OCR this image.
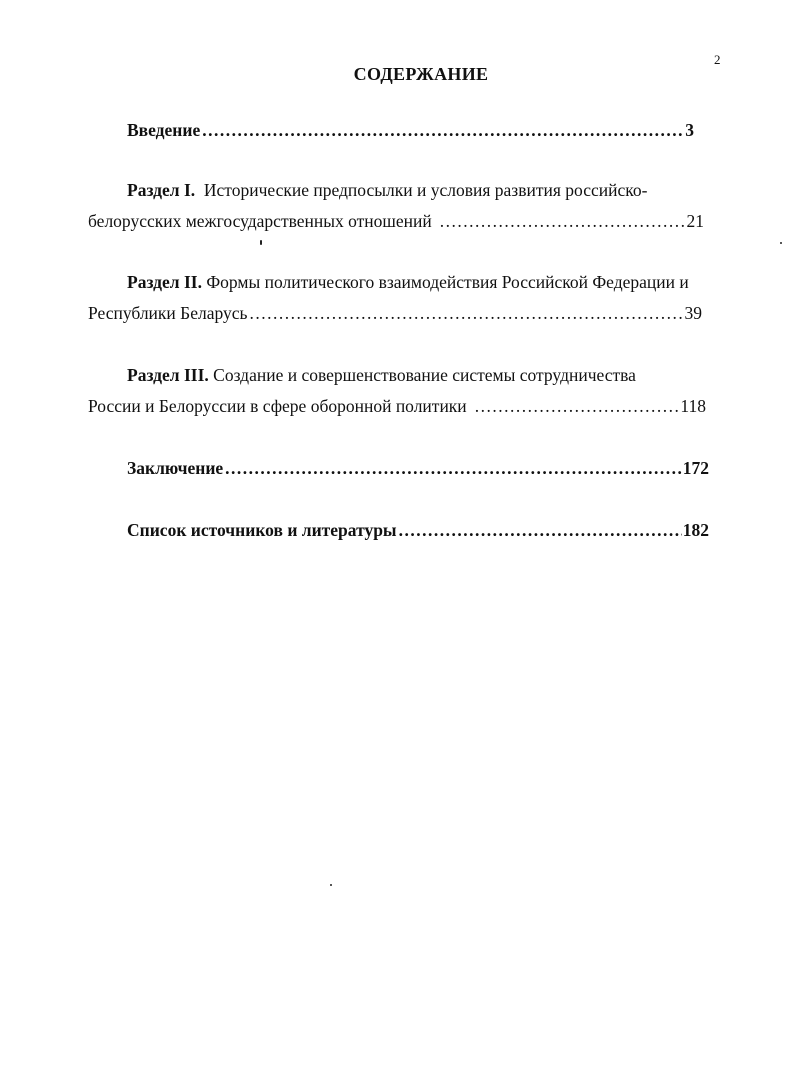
2
СОДЕРЖАНИЕ
Введение .....	3
Раздел I. Исторические предпосылки и условия развития российско-
белорусских межгосударственных отношений .....	21
Раздел II. Формы политического взаимодействия Российской Федерации и
Республики Беларусь .....	39
Раздел III. Создание и совершенствование системы сотрудничества
России и Белоруссии в сфере оборонной политики .....	118
Заключение .....	172
Список источников и литературы .....	182
